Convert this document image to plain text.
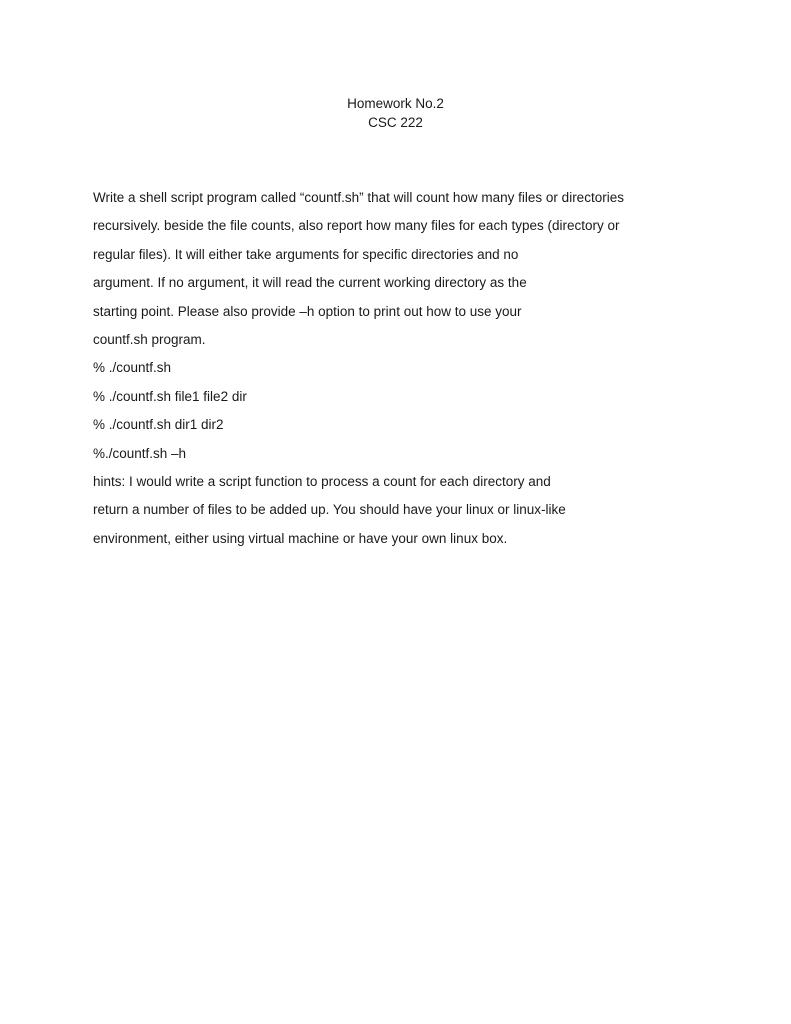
Homework No.2
CSC 222
Write a shell script program called “countf.sh” that will count how many files or directories
recursively. beside the file counts, also report how many files for each types (directory or
regular files). It will either take arguments for specific directories and no
argument. If no argument, it will read the current working directory as the
starting point. Please also provide –h option to print out how to use your
countf.sh program.
% ./countf.sh
% ./countf.sh file1 file2 dir
% ./countf.sh dir1 dir2
%./countf.sh –h
hints: I would write a script function to process a count for each directory and
return a number of files to be added up. You should have your linux or linux-like
environment, either using virtual machine or have your own linux box.
